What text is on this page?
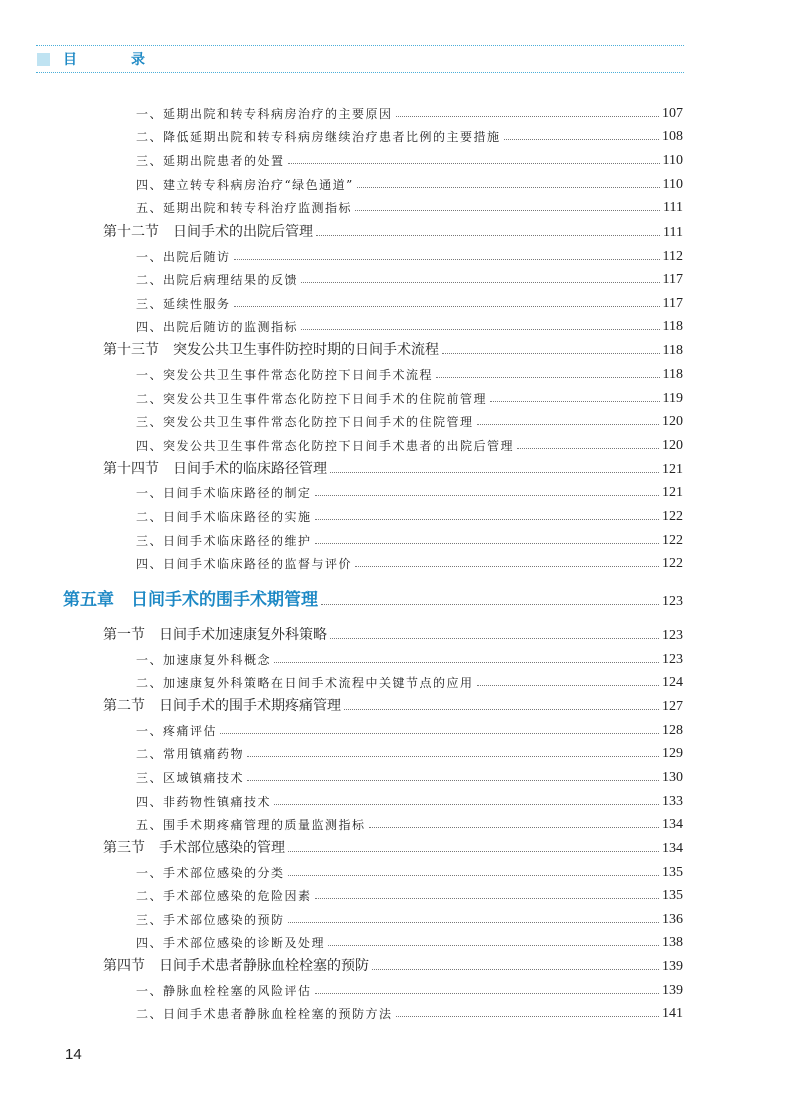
目　录
一、延期出院和转专科病房治疗的主要原因	107
二、降低延期出院和转专科病房继续治疗患者比例的主要措施	108
三、延期出院患者的处置	110
四、建立转专科病房治疗“绿色通道”	110
五、延期出院和转专科治疗监测指标	111
第十二节　日间手术的出院后管理	111
一、出院后随访	112
二、出院后病理结果的反馈	117
三、延续性服务	117
四、出院后随访的监测指标	118
第十三节　突发公共卫生事件防控时期的日间手术流程	118
一、突发公共卫生事件常态化防控下日间手术流程	118
二、突发公共卫生事件常态化防控下日间手术的住院前管理	119
三、突发公共卫生事件常态化防控下日间手术的住院管理	120
四、突发公共卫生事件常态化防控下日间手术患者的出院后管理	120
第十四节　日间手术的临床路径管理	121
一、日间手术临床路径的制定	121
二、日间手术临床路径的实施	122
三、日间手术临床路径的维护	122
四、日间手术临床路径的监督与评价	122
第五章　日间手术的围手术期管理	123
第一节　日间手术加速康复外科策略	123
一、加速康复外科概念	123
二、加速康复外科策略在日间手术流程中关键节点的应用	124
第二节　日间手术的围手术期疼痛管理	127
一、疼痛评估	128
二、常用镇痛药物	129
三、区域镇痛技术	130
四、非药物性镇痛技术	133
五、围手术期疼痛管理的质量监测指标	134
第三节　手术部位感染的管理	134
一、手术部位感染的分类	135
二、手术部位感染的危险因素	135
三、手术部位感染的预防	136
四、手术部位感染的诊断及处理	138
第四节　日间手术患者静脉血栓栓塞的预防	139
一、静脉血栓栓塞的风险评估	139
二、日间手术患者静脉血栓栓塞的预防方法	141
14
